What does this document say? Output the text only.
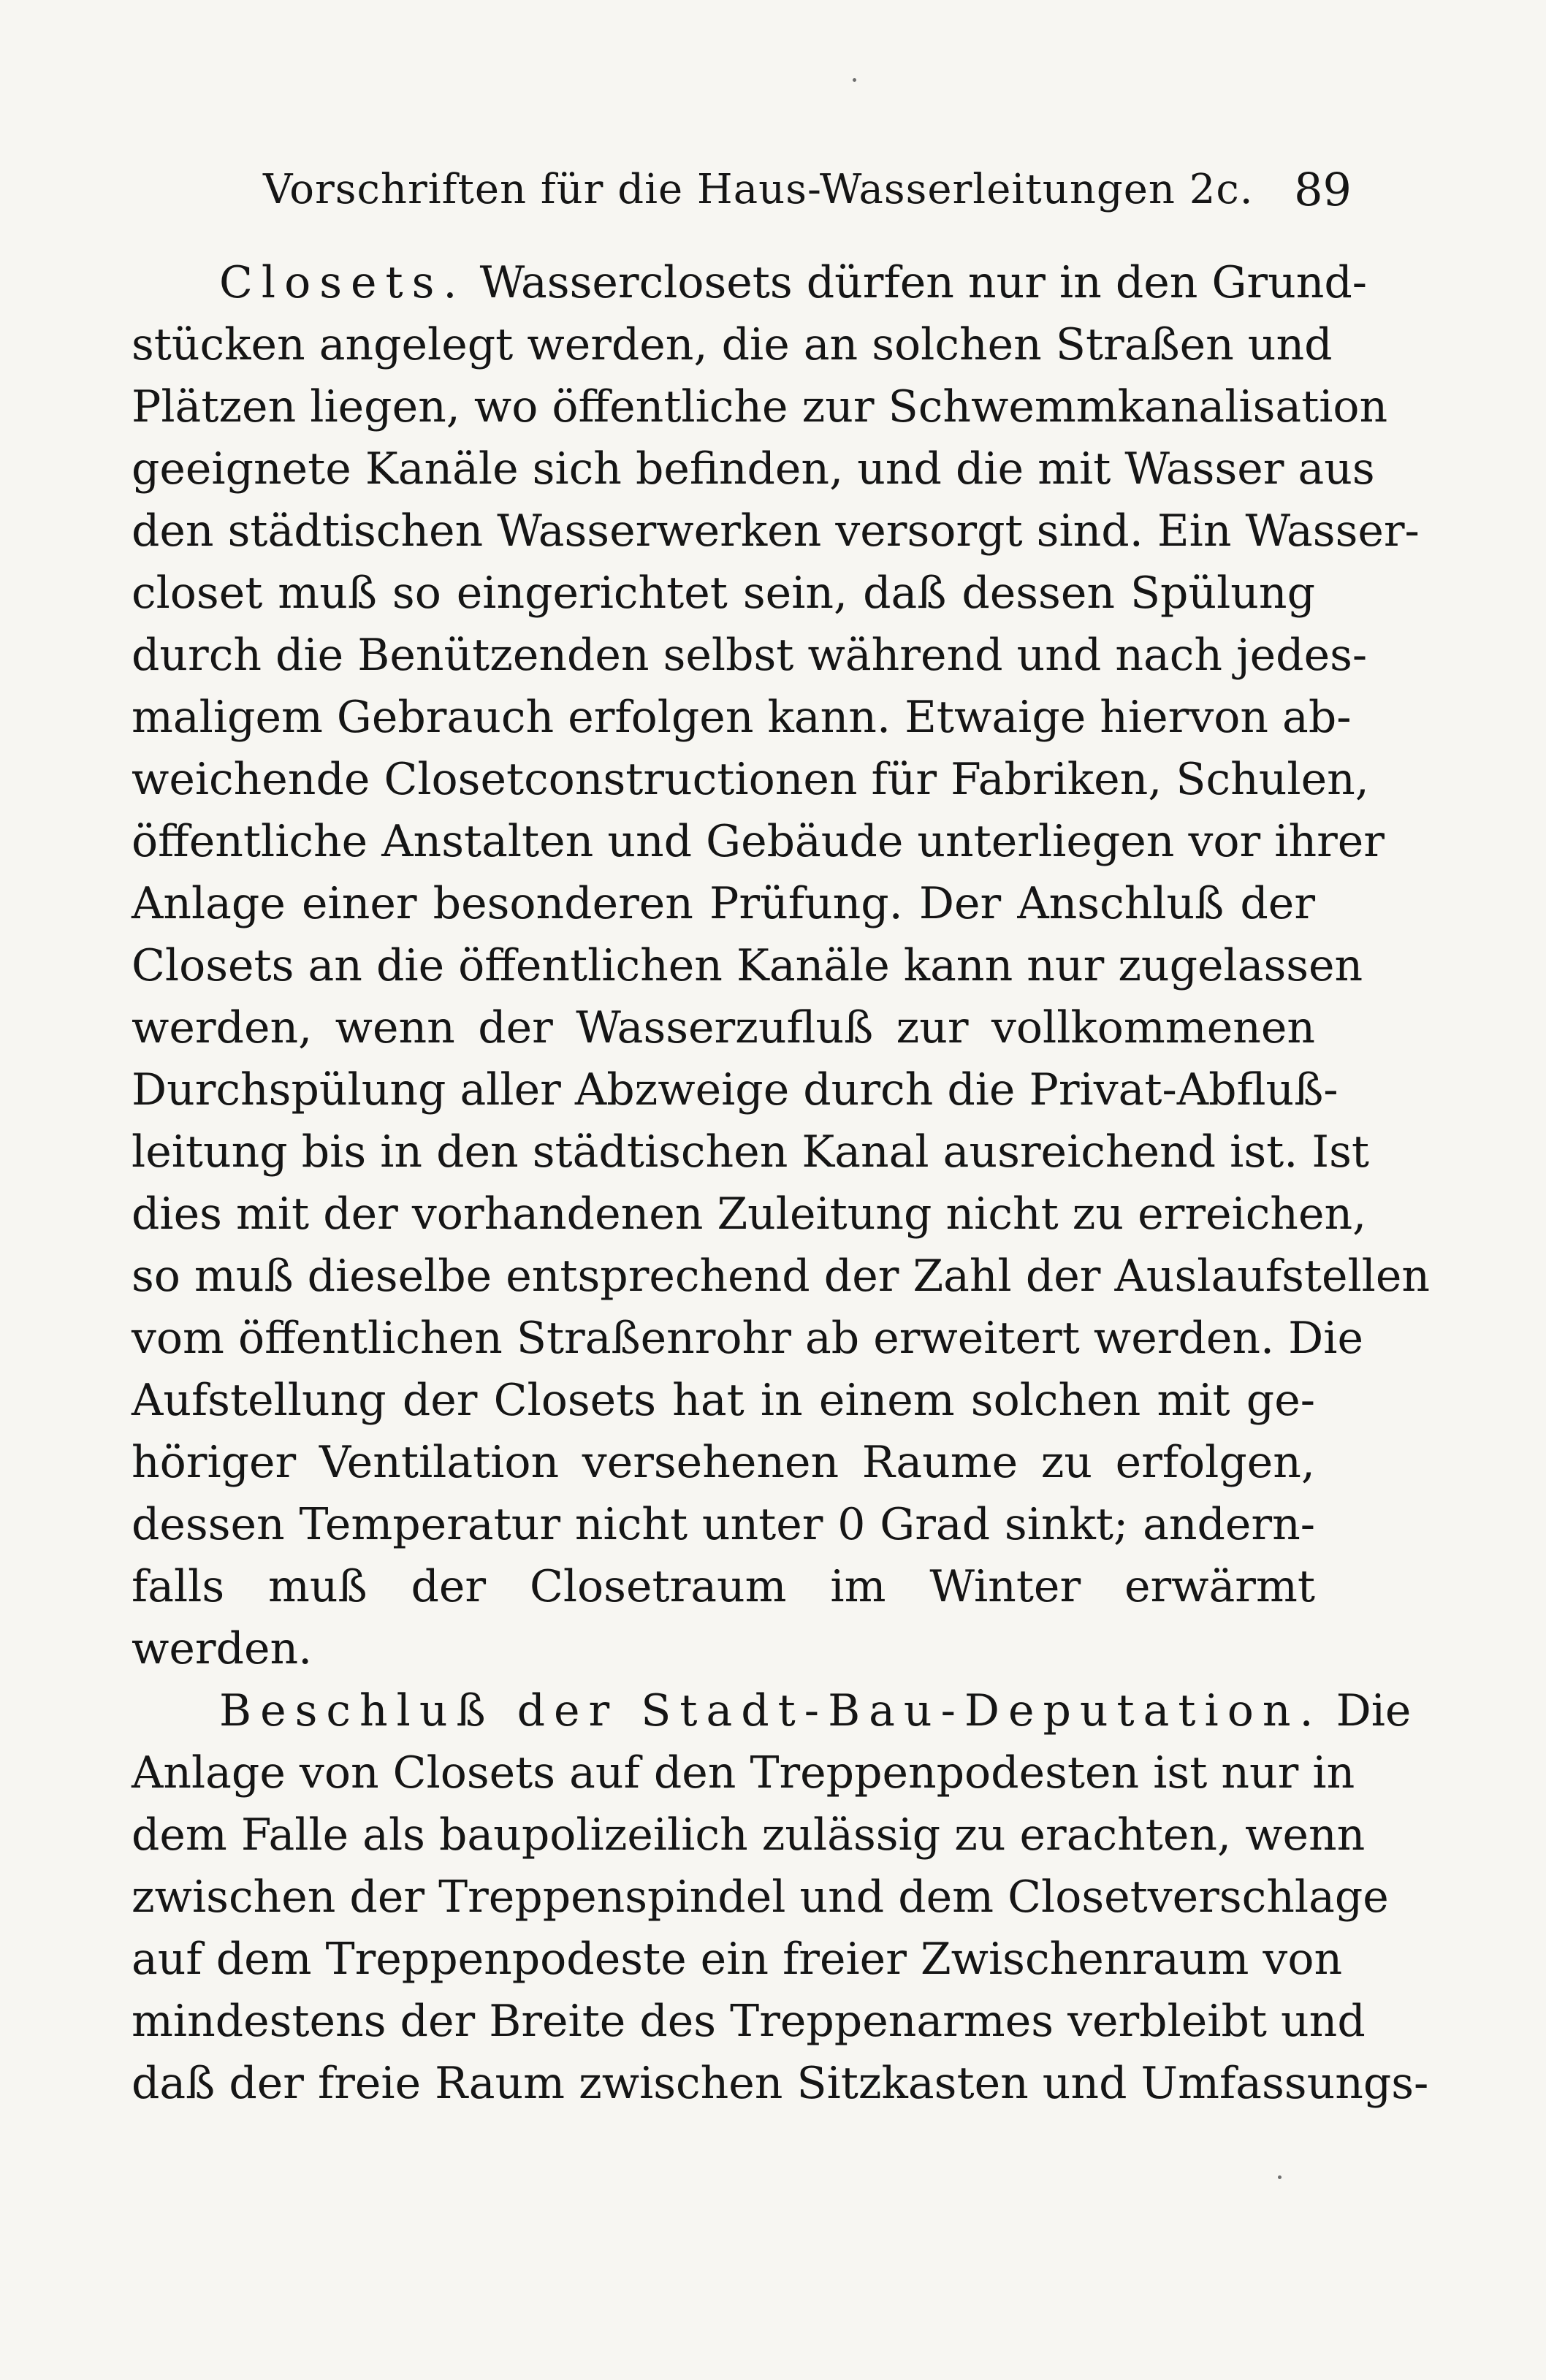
Vorschriften für die Haus-Wasserleitungen 2c. 89
Closets. Wasserclosets dürfen nur in den Grund-
stücken angelegt werden, die an solchen Straßen und
Plätzen liegen, wo öffentliche zur Schwemmkanalisation
geeignete Kanäle sich befinden, und die mit Wasser aus
den städtischen Wasserwerken versorgt sind. Ein Wasser-
closet muß so eingerichtet sein, daß dessen Spülung
durch die Benützenden selbst während und nach jedes-
maligem Gebrauch erfolgen kann. Etwaige hiervon ab-
weichende Closetconstructionen für Fabriken, Schulen,
öffentliche Anstalten und Gebäude unterliegen vor ihrer
Anlage einer besonderen Prüfung. Der Anschluß der
Closets an die öffentlichen Kanäle kann nur zugelassen
werden, wenn der Wasserzufluß zur vollkommenen
Durchspülung aller Abzweige durch die Privat-Abfluß-
leitung bis in den städtischen Kanal ausreichend ist. Ist
dies mit der vorhandenen Zuleitung nicht zu erreichen,
so muß dieselbe entsprechend der Zahl der Auslaufstellen
vom öffentlichen Straßenrohr ab erweitert werden. Die
Aufstellung der Closets hat in einem solchen mit ge-
höriger Ventilation versehenen Raume zu erfolgen,
dessen Temperatur nicht unter 0 Grad sinkt; andern-
falls muß der Closetraum im Winter erwärmt
werden.
Beschluß der Stadt-Bau-Deputation. Die
Anlage von Closets auf den Treppenpodesten ist nur in
dem Falle als baupolizeilich zulässig zu erachten, wenn
zwischen der Treppenspindel und dem Closetverschlage
auf dem Treppenpodeste ein freier Zwischenraum von
mindestens der Breite des Treppenarmes verbleibt und
daß der freie Raum zwischen Sitzkasten und Umfassungs-
